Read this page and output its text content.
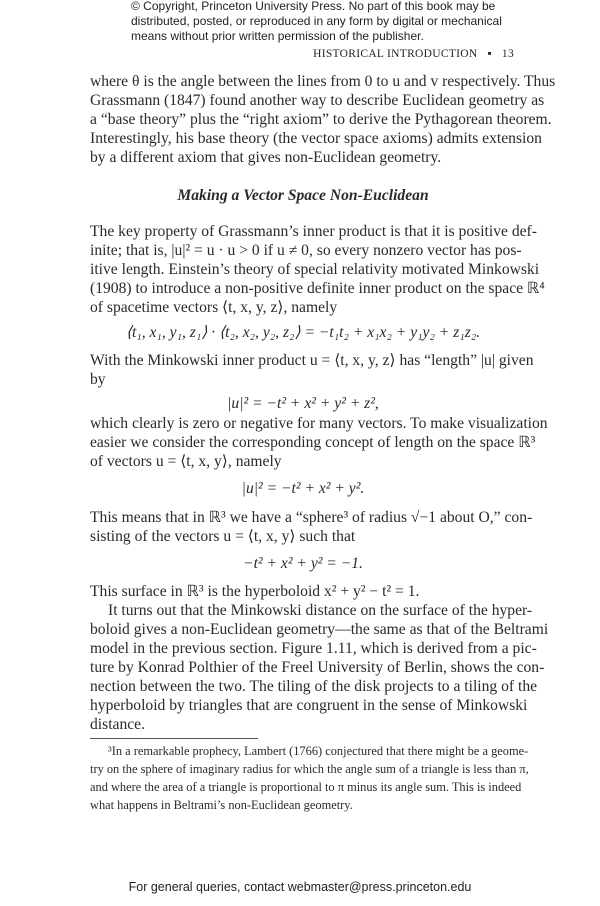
© Copyright, Princeton University Press. No part of this book may be
distributed, posted, or reproduced in any form by digital or mechanical
means without prior written permission of the publisher.
HISTORICAL INTRODUCTION ▪ 13
where θ is the angle between the lines from 0 to u and v respectively. Thus
Grassmann (1847) found another way to describe Euclidean geometry as
a “base theory” plus the “right axiom” to derive the Pythagorean theorem.
Interestingly, his base theory (the vector space axioms) admits extension
by a different axiom that gives non-Euclidean geometry.
Making a Vector Space Non-Euclidean
The key property of Grassmann’s inner product is that it is positive def-
inite; that is, |u|² = u · u > 0 if u ≠ 0, so every nonzero vector has pos-
itive length. Einstein’s theory of special relativity motivated Minkowski
(1908) to introduce a non-positive definite inner product on the space ℝ⁴
of spacetime vectors ⟨t, x, y, z⟩, namely
⟨t₁, x₁, y₁, z₁⟩ · ⟨t₂, x₂, y₂, z₂⟩ = −t₁t₂ + x₁x₂ + y₁y₂ + z₁z₂.
With the Minkowski inner product u = ⟨t, x, y, z⟩ has “length” |u| given
by
|u|² = −t² + x² + y² + z²,
which clearly is zero or negative for many vectors. To make visualization
easier we consider the corresponding concept of length on the space ℝ³
of vectors u = ⟨t, x, y⟩, namely
|u|² = −t² + x² + y².
This means that in ℝ³ we have a “sphere³ of radius √−1 about O,” con-
sisting of the vectors u = ⟨t, x, y⟩ such that
−t² + x² + y² = −1.
This surface in ℝ³ is the hyperboloid x² + y² − t² = 1.
It turns out that the Minkowski distance on the surface of the hyper-
boloid gives a non-Euclidean geometry—the same as that of the Beltrami
model in the previous section. Figure 1.11, which is derived from a pic-
ture by Konrad Polthier of the Freel University of Berlin, shows the con-
nection between the two. The tiling of the disk projects to a tiling of the
hyperboloid by triangles that are congruent in the sense of Minkowski
distance.
³In a remarkable prophecy, Lambert (1766) conjectured that there might be a geome-
try on the sphere of imaginary radius for which the angle sum of a triangle is less than π,
and where the area of a triangle is proportional to π minus its angle sum. This is indeed
what happens in Beltrami’s non-Euclidean geometry.
For general queries, contact webmaster@press.princeton.edu
